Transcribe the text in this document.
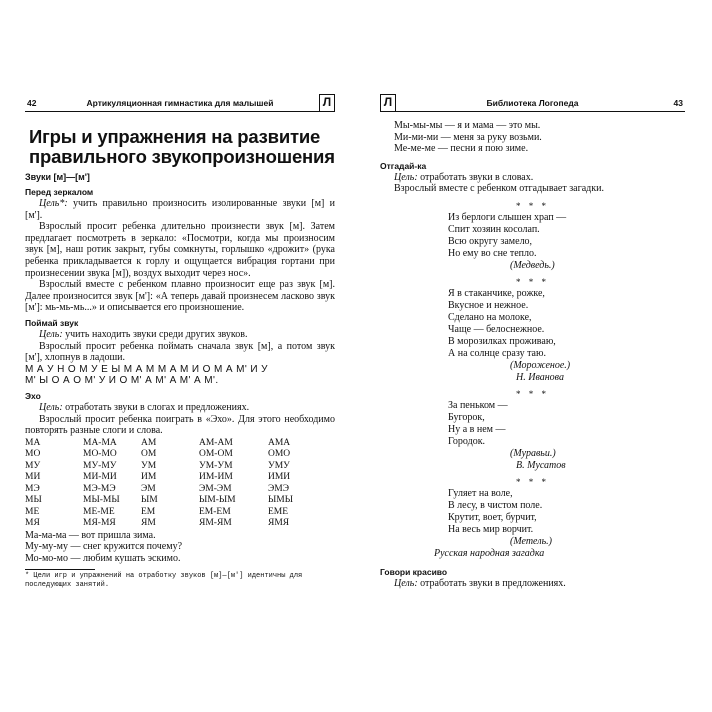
42	Артикуляционная гимнастика для малышей	Л
Игры и упражнения на развитие
правильного звукопроизношения
Звуки [м]—[м']
Перед зеркалом

Цель*: учить правильно произносить изолированные звуки [м] и [м'].

Взрослый просит ребенка длительно произнести звук [м]. Затем предлагает посмотреть в зеркало: «Посмотри, когда мы произносим звук [м], наш ротик закрыт, губы сомкнуты, горлышко «дрожит» (рука ребенка прикладывается к горлу и ощущается вибрация гортани при произнесении звука [м]), воздух выходит через нос».

Взрослый вместе с ребенком плавно произносит еще раз звук [м]. Далее произносится звук [м']: «А теперь давай произнесем ласково звук [м']: мь-мь-мь...» и описывается его произношение.

Поймай звук

Цель: учить находить звуки среди других звуков.

Взрослый просит ребенка поймать сначала звук [м], а потом звук [м'], хлопнув в ладоши.

М А У Н О М У Е Ы М А М М А М И О М А М' И У
М' Ы О А О М' У И О М' А М' А М' А М'.
Эхо

Цель: отработать звуки в слогах и предложениях.

Взрослый просит ребенка поиграть в «Эхо». Для этого необходимо повторять разные слоги и слова.

МА	МА-МА	АМ	АМ-АМ	АМА
МО	МО-МО	ОМ	ОМ-ОМ	ОМО
МУ	МУ-МУ	УМ	УМ-УМ	УМУ
МИ	МИ-МИ	ИМ	ИМ-ИМ	ИМИ
МЭ	МЭ-МЭ	ЭМ	ЭМ-ЭМ	ЭМЭ
МЫ	МЫ-МЫ	ЫМ	ЫМ-ЫМ	ЫМЫ
МЕ	МЕ-МЕ	ЕМ	ЕМ-ЕМ	ЕМЕ
МЯ	МЯ-МЯ	ЯМ	ЯМ-ЯМ	ЯМЯ
Ма-ма-ма — вот пришла зима.
Му-му-му — снег кружится почему?
Мо-мо-мо — любим кушать эскимо.
* Цели игр и упражнений на отработку звуков [м]—[м'] идентичны для последующих занятий.
Л	Библиотека Логопеда	43
Мы-мы-мы — я и мама — это мы.
Ми-ми-ми — меня за руку возьми.
Ме-ме-ме — песни я пою зиме.
Отгадай-ка

Цель: отработать звуки в словах.

Взрослый вместе с ребенком отгадывает загадки.

* * *
Из берлоги слышен храп —
Спит хозяин косолап.
Всю округу замело,
Но ему во сне тепло.
(Медведь.)
* * *
Я в стаканчике, рожке,
Вкусное и нежное.
Сделано на молоке,
Чаще — белоснежное.
В морозилках проживаю,
А на солнце сразу таю.
(Мороженое.)
Н. Иванова
* * *
За пеньком —
Бугорок,
Ну а в нем —
Городок.
(Муравьи.)
В. Мусатов
* * *
Гуляет на воле,
В лесу, в чистом поле.
Крутит, воет, бурчит,
На весь мир ворчит.
(Метель.)
Русская народная загадка
Говори красиво

Цель: отработать звуки в предложениях.
